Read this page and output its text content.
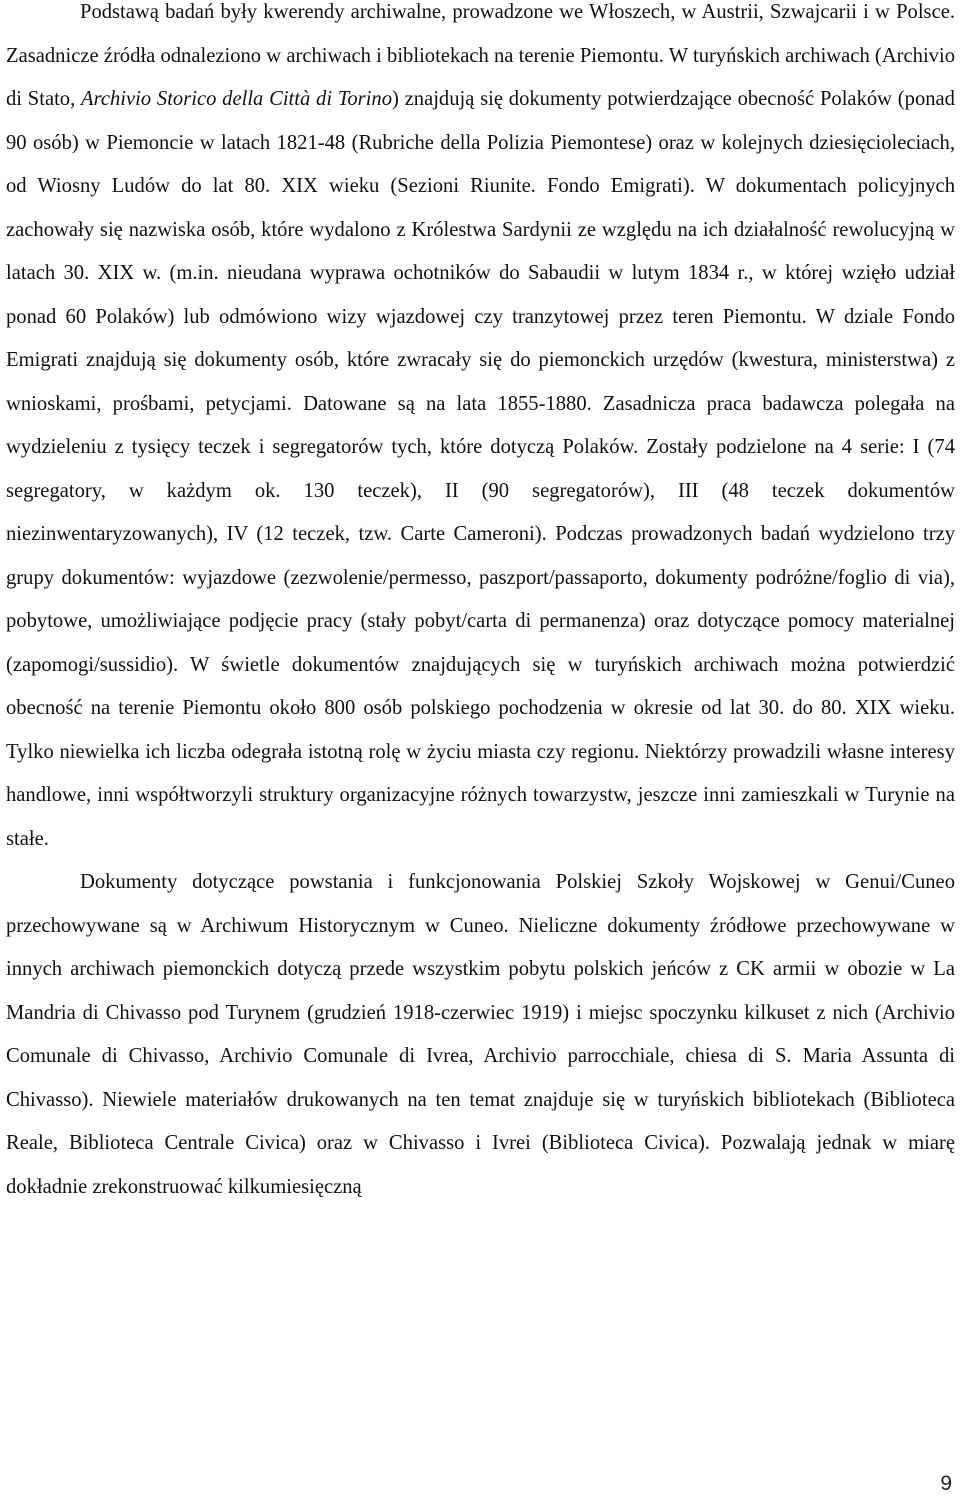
Podstawą badań były kwerendy archiwalne, prowadzone we Włoszech, w Austrii, Szwajcarii i w Polsce. Zasadnicze źródła odnaleziono w archiwach i bibliotekach na terenie Piemontu. W turyńskich archiwach (Archivio di Stato, Archivio Storico della Città di Torino) znajdują się dokumenty potwierdzające obecność Polaków (ponad 90 osób) w Piemoncie w latach 1821-48 (Rubriche della Polizia Piemontese) oraz w kolejnych dziesięcioleciach, od Wiosny Ludów do lat 80. XIX wieku (Sezioni Riunite. Fondo Emigrati). W dokumentach policyjnych zachowały się nazwiska osób, które wydalono z Królestwa Sardynii ze względu na ich działalność rewolucyjną w latach 30. XIX w. (m.in. nieudana wyprawa ochotników do Sabaudii w lutym 1834 r., w której wzięło udział ponad 60 Polaków) lub odmówiono wizy wjazdowej czy tranzytowej przez teren Piemontu. W dziale Fondo Emigrati znajdują się dokumenty osób, które zwracały się do piemonckich urzędów (kwestura, ministerstwa) z wnioskami, prośbami, petycjami. Datowane są na lata 1855-1880. Zasadnicza praca badawcza polegała na wydzieleniu z tysięcy teczek i segregatorów tych, które dotyczą Polaków. Zostały podzielone na 4 serie: I (74 segregatory, w każdym ok. 130 teczek), II (90 segregatorów), III (48 teczek dokumentów niezinwentaryzowanych), IV (12 teczek, tzw. Carte Cameroni). Podczas prowadzonych badań wydzielono trzy grupy dokumentów: wyjazdowe (zezwolenie/permesso, paszport/passaporto, dokumenty podróżne/foglio di via), pobytowe, umożliwiające podjęcie pracy (stały pobyt/carta di permanenza) oraz dotyczące pomocy materialnej (zapomogi/sussidio). W świetle dokumentów znajdujących się w turyńskich archiwach można potwierdzić obecność na terenie Piemontu około 800 osób polskiego pochodzenia w okresie od lat 30. do 80. XIX wieku. Tylko niewielka ich liczba odegrała istotną rolę w życiu miasta czy regionu. Niektórzy prowadzili własne interesy handlowe, inni współtworzyli struktury organizacyjne różnych towarzystw, jeszcze inni zamieszkali w Turynie na stałe.

Dokumenty dotyczące powstania i funkcjonowania Polskiej Szkoły Wojskowej w Genui/Cuneo przechowywane są w Archiwum Historycznym w Cuneo. Nieliczne dokumenty źródłowe przechowywane w innych archiwach piemonckich dotyczą przede wszystkim pobytu polskich jeńców z CK armii w obozie w La Mandria di Chivasso pod Turynem (grudzień 1918-czerwiec 1919) i miejsc spoczynku kilkuset z nich (Archivio Comunale di Chivasso, Archivio Comunale di Ivrea, Archivio parrocchiale, chiesa di S. Maria Assunta di Chivasso). Niewiele materiałów drukowanych na ten temat znajduje się w turyńskich bibliotekach (Biblioteca Reale, Biblioteca Centrale Civica) oraz w Chivasso i Ivrei (Biblioteca Civica). Pozwalają jednak w miarę dokładnie zrekonstruować kilkumiesięczną

9
